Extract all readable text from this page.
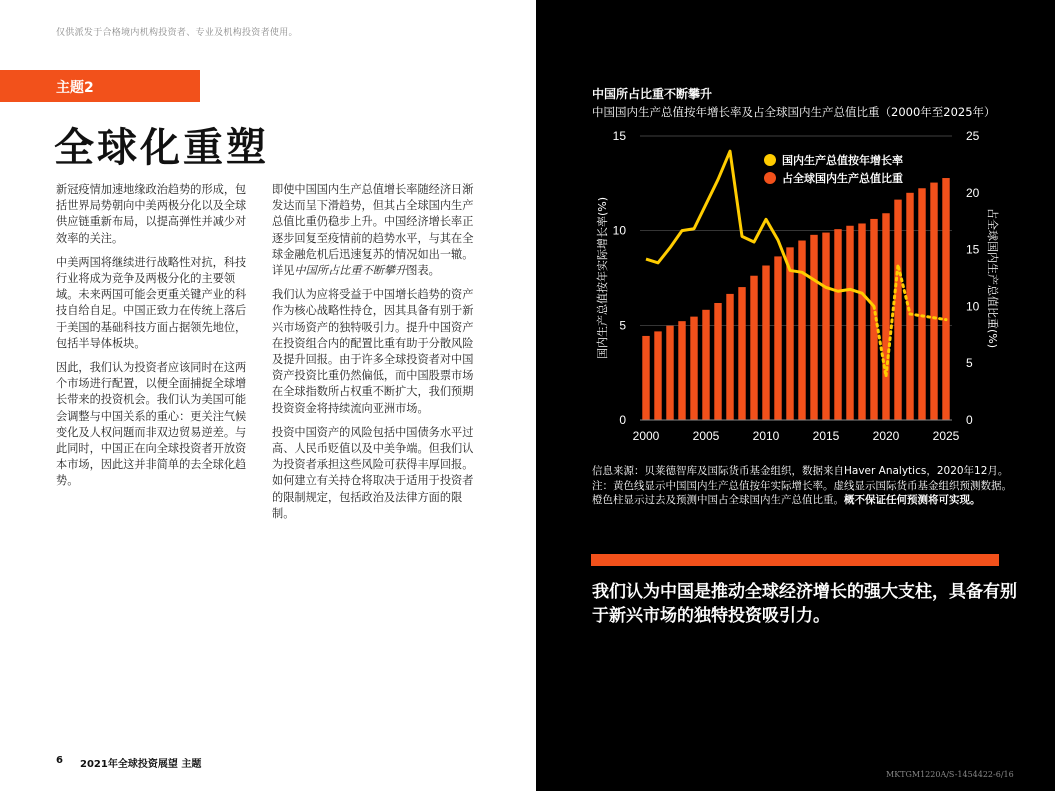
仅供派发于合格境内机构投资者、专业及机构投资者使用。
主题2
全球化重塑

新冠疫情加速地缘政治趋势的形成，包括世界局势朝向中美两极分化以及全球供应链重新布局，以提高弹性并减少对效率的关注。

中美两国将继续进行战略性对抗，科技行业将成为竞争及两极分化的主要领域。未来两国可能会更重关键产业的科技自给自足。中国正致力在传统上落后于美国的基础科技方面占据领先地位，包括半导体板块。

因此，我们认为投资者应该同时在这两个市场进行配置，以便全面捕捉全球增长带来的投资机会。我们认为美国可能会调整与中国关系的重心：更关注气候变化及人权问题而非双边贸易逆差。与此同时，中国正在向全球投资者开放资本市场，因此这并非简单的去全球化趋势。

即使中国国内生产总值增长率随经济日渐发达而呈下滑趋势，但其占全球国内生产总值比重仍稳步上升。中国经济增长率正逐步回复至疫情前的趋势水平，与其在全球金融危机后迅速复苏的情况如出一辙。详见中国所占比重不断攀升图表。

我们认为应将受益于中国增长趋势的资产作为核心战略性持仓，因其具备有别于新兴市场资产的独特吸引力。提升中国资产在投资组合内的配置比重有助于分散风险及提升回报。由于许多全球投资者对中国资产投资比重仍然偏低，而中国股票市场在全球指数所占权重不断扩大，我们预期投资资金将持续流向亚洲市场。

投资中国资产的风险包括中国债务水平过高、人民币贬值以及中美争端。但我们认为投资者承担这些风险可获得丰厚回报。如何建立有关持仓将取决于适用于投资者的限制规定，包括政治及法律方面的限制。

6 2021年全球投资展望 主题
中国所占比重不断攀升
中国国内生产总值按年增长率及占全球国内生产总值比重（2000年至2025年）
0
5
10
15
0
5
10
15
20
25
2000	2005	2010	2015	2020	2025
国内生产总值按年实际增长率(%)	占全球国内生产总值比重(%)
国内生产总值按年增长率
占全球国内生产总值比重
信息来源：贝莱德智库及国际货币基金组织，数据来自Haver Analytics，2020年12月。注：黄色线显示中国国内生产总值按年实际增长率。虚线显示国际货币基金组织预测数据。橙色柱显示过去及预测中国占全球国内生产总值比重。概不保证任何预测将可实现。
我们认为中国是推动全球经济增长的强大支柱，具备有别于新兴市场的独特投资吸引力。
MKTGM1220A/S-1454422-6/16
